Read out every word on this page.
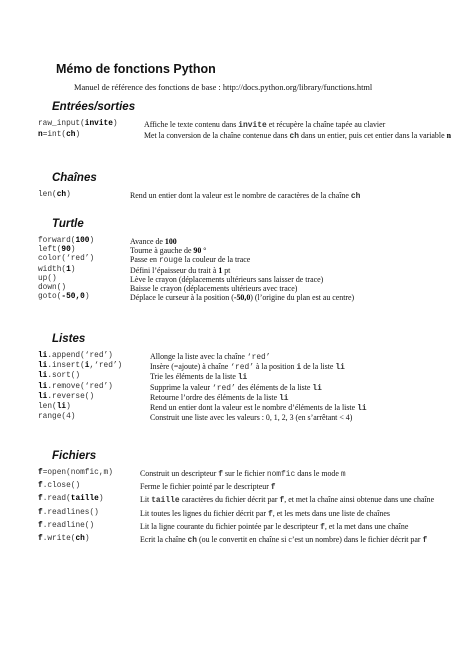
Mémo de fonctions Python
Manuel de référence des fonctions de base : http://docs.python.org/library/functions.html
Entrées/sorties
raw_input(invite)	Affiche le texte contenu dans invite et récupère la chaîne tapée au clavier
n=int(ch)	Met la conversion de la chaîne contenue dans ch dans un entier, puis cet entier dans la variable n
Chaînes
len(ch)	Rend un entier dont la valeur est le nombre de caractères de la chaîne ch
Turtle
forward(100)	Avance de 100
left(90)	Tourne à gauche de 90 °
color(‘red’)	Passe en rouge la couleur de la trace
width(1)	Défini l’épaisseur du trait à 1 pt
up()	Lève le crayon (déplacements ultérieurs sans laisser de trace)
down()	Baisse le crayon (déplacements ultérieurs avec trace)
goto(-50,0)	Déplace le curseur à la position (-50,0) (l’origine du plan est au centre)
Listes
li.append(‘red’)	Allonge la liste avec la chaîne ‘red’
li.insert(i,‘red’)	Insère (=ajoute) à chaîne ‘red’ à la position i de la liste li
li.sort()	Trie les éléments de la liste li
li.remove(‘red’)	Supprime la valeur ‘red’ des éléments de la liste li
li.reverse()	Retourne l’ordre des éléments de la liste li
len(li)	Rend un entier dont la valeur est le nombre d’éléments de la liste li
range(4)	Construit une liste avec les valeurs : 0, 1, 2, 3 (en s’arrêtant < 4)
Fichiers
f=open(nomfic,m)	Construit un descripteur f sur le fichier nomfic dans le mode m
f.close()	Ferme le fichier pointé par le descripteur f
f.read(taille)	Lit taille caractères du fichier décrit par f, et met la chaîne ainsi obtenue dans une chaîne
f.readlines()	Lit toutes les lignes du fichier décrit par f, et les mets dans une liste de chaînes
f.readline()	Lit la ligne courante du fichier pointée par le descripteur f, et la met dans une chaîne
f.write(ch)	Ecrit la chaîne ch (ou le convertit en chaîne si c’est un nombre) dans le fichier décrit par f
